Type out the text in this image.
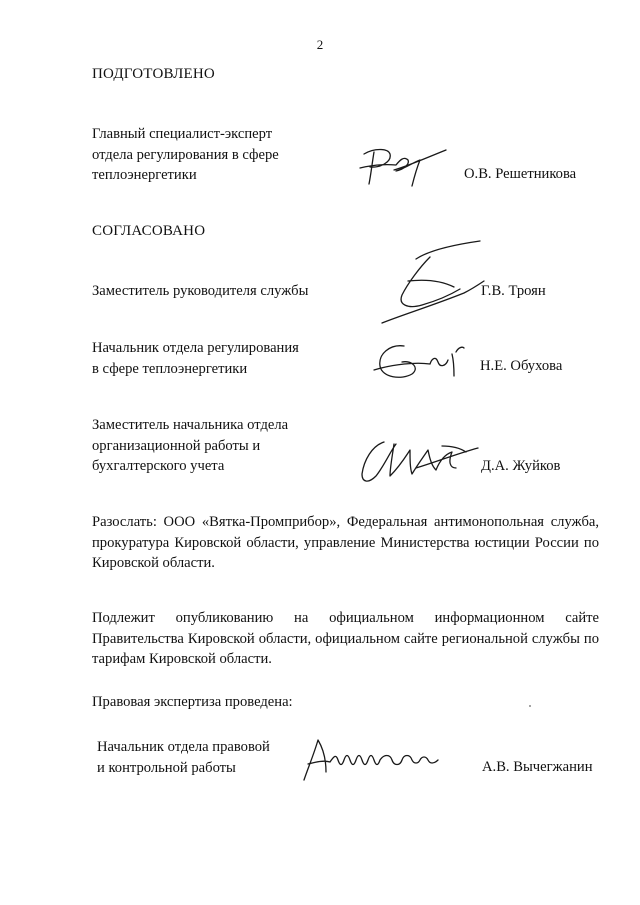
2
ПОДГОТОВЛЕНО
Главный специалист-эксперт
отдела регулирования в сфере
теплоэнергетики	О.В. Решетникова
СОГЛАСОВАНО
Заместитель руководителя службы	Г.В. Троян
Начальник отдела регулирования
в сфере теплоэнергетики	Н.Е. Обухова
Заместитель начальника отдела
организационной работы и
бухгалтерского учета	Д.А. Жуйков
Разослать: ООО «Вятка-Промприбор», Федеральная антимонопольная служба, прокуратура Кировской области, управление Министерства юстиции России по Кировской области.
Подлежит опубликованию на официальном информационном сайте Правительства Кировской области, официальном сайте региональной службы по тарифам Кировской области.
Правовая экспертиза проведена:
Начальник отдела правовой
и контрольной работы	А.В. Вычегжанин
